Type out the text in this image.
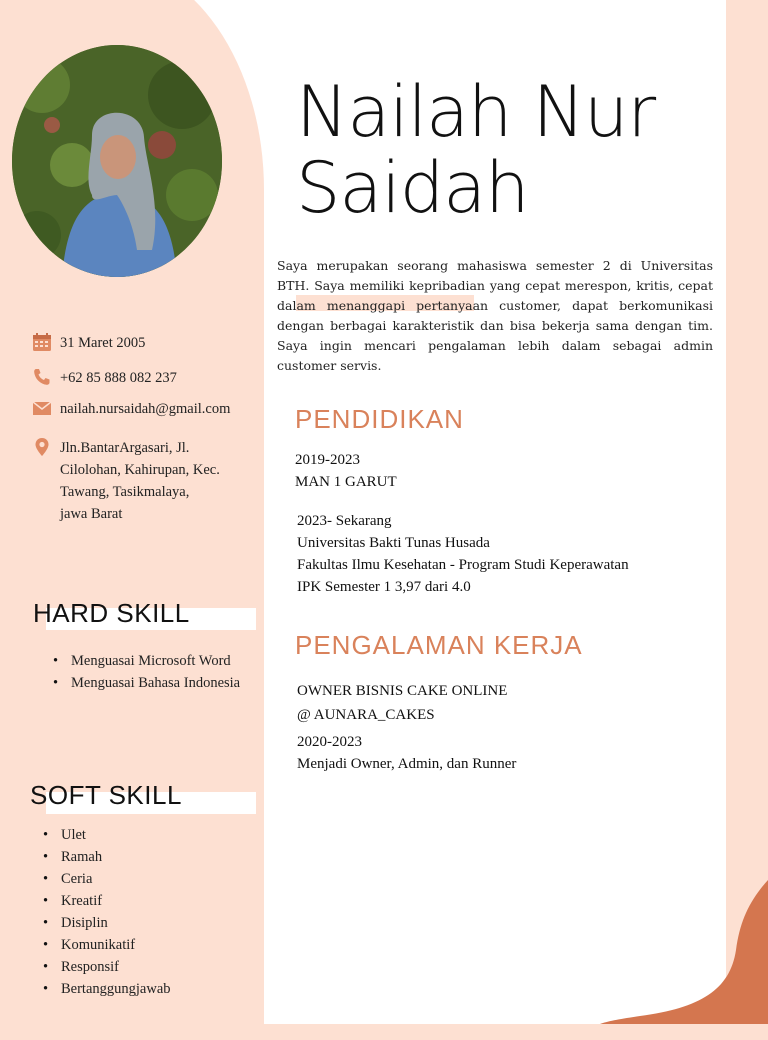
Nailah Nur
Saidah
Saya merupakan seorang mahasiswa semester 2 di Universitas BTH. Saya memiliki kepribadian yang cepat merespon, kritis, cepat dalam menanggapi pertanyaan customer, dapat berkomunikasi dengan berbagai karakteristik dan bisa bekerja sama dengan tim. Saya ingin mencari pengalaman lebih dalam sebagai admin customer servis.
31 Maret 2005
+62 85 888 082 237
nailah.nursaidah@gmail.com
Jln.BantarArgasari, Jl.
Cilolohan, Kahirupan, Kec.
Tawang, Tasikmalaya,
jawa Barat
HARD SKILL
• Menguasai Microsoft Word
• Menguasai Bahasa Indonesia
SOFT SKILL
• Ulet
• Ramah
• Ceria
• Kreatif
• Disiplin
• Komunikatif
• Responsif
• Bertanggungjawab
PENDIDIKAN
2019-2023
MAN 1 GARUT
2023- Sekarang
Universitas Bakti Tunas Husada
Fakultas Ilmu Kesehatan - Program Studi Keperawatan
IPK Semester 1 3,97 dari 4.0
PENGALAMAN KERJA
OWNER BISNIS CAKE ONLINE
@ AUNARA_CAKES
2020-2023
Menjadi Owner, Admin, dan Runner
